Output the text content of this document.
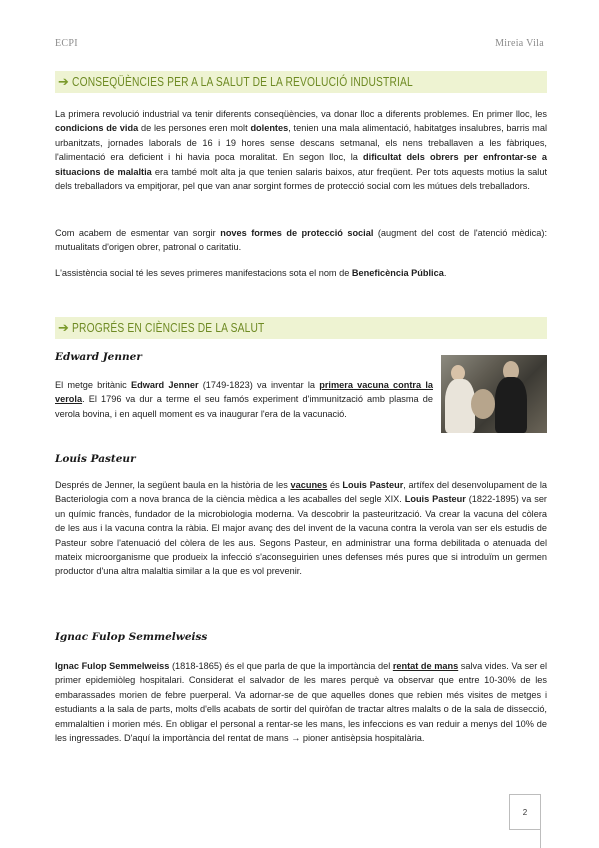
ECPI	Mireia Vila
➔ CONSEQÜÈNCIES PER A LA SALUT DE LA REVOLUCIÓ INDUSTRIAL

La primera revolució industrial va tenir diferents conseqüències, va donar lloc a diferents problemes. En primer lloc, les condicions de vida de les persones eren molt dolentes, tenien una mala alimentació, habitatges insalubres, barris mal urbanitzats, jornades laborals de 16 i 19 hores sense descans setmanal, els nens treballaven a les fàbriques, l'alimentació era deficient i hi havia poca moralitat. En segon lloc, la dificultat dels obrers per enfrontar-se a situacions de malaltia era també molt alta ja que tenien salaris baixos, atur freqüent. Per tots aquests motius la salut dels treballadors va empitjorar, pel que van anar sorgint formes de protecció social com les mútues dels treballadors.

Com acabem de esmentar van sorgir noves formes de protecció social (augment del cost de l'atenció mèdica): mutualitats d'origen obrer, patronal o caritatiu.

L'assistència social té les seves primeres manifestacions sota el nom de Beneficència Pública.

➔ PROGRÉS EN CIÈNCIES DE LA SALUT
Edward Jenner

El metge britànic Edward Jenner (1749-1823) va inventar la primera vacuna contra la verola. El 1796 va dur a terme el seu famós experiment d'immunització amb plasma de verola bovina, i en aquell moment es va inaugurar l'era de la vacunació.

Louis Pasteur

Després de Jenner, la següent baula en la història de les vacunes és Louis Pasteur, artífex del desenvolupament de la Bacteriologia com a nova branca de la ciència mèdica a les acaballes del segle XIX. Louis Pasteur (1822-1895) va ser un químic francès, fundador de la microbiologia moderna. Va descobrir la pasteurització. Va crear la vacuna del còlera de les aus i la vacuna contra la ràbia. El major avanç des del invent de la vacuna contra la verola van ser els estudis de Pasteur sobre l'atenuació del còlera de les aus. Segons Pasteur, en administrar una forma debilitada o atenuada del mateix microorganisme que produeix la infecció s'aconseguirien unes defenses més pures que si introduïm un germen productor d'una altra malaltia similar a la que es vol prevenir.

Ignac Fulop Semmelweiss

Ignac Fulop Semmelweiss (1818-1865) és el que parla de que la importància del rentat de mans salva vides. Va ser el primer epidemiòleg hospitalari. Considerat el salvador de les mares perquè va observar que entre 10-30% de les embarassades morien de febre puerperal. Va adornar-se de que aquelles dones que rebien més visites de metges i estudiants a la sala de parts, molts d'ells acabats de sortir del quiròfan de tractar altres malalts o de la sala de dissecció, emmalaltien i morien més. En obligar el personal a rentar-se les mans, les infeccions es van reduir a menys del 10% de les ingressades. D'aquí la importància del rentat de mans → pioner antisèpsia hospitalària.

2
